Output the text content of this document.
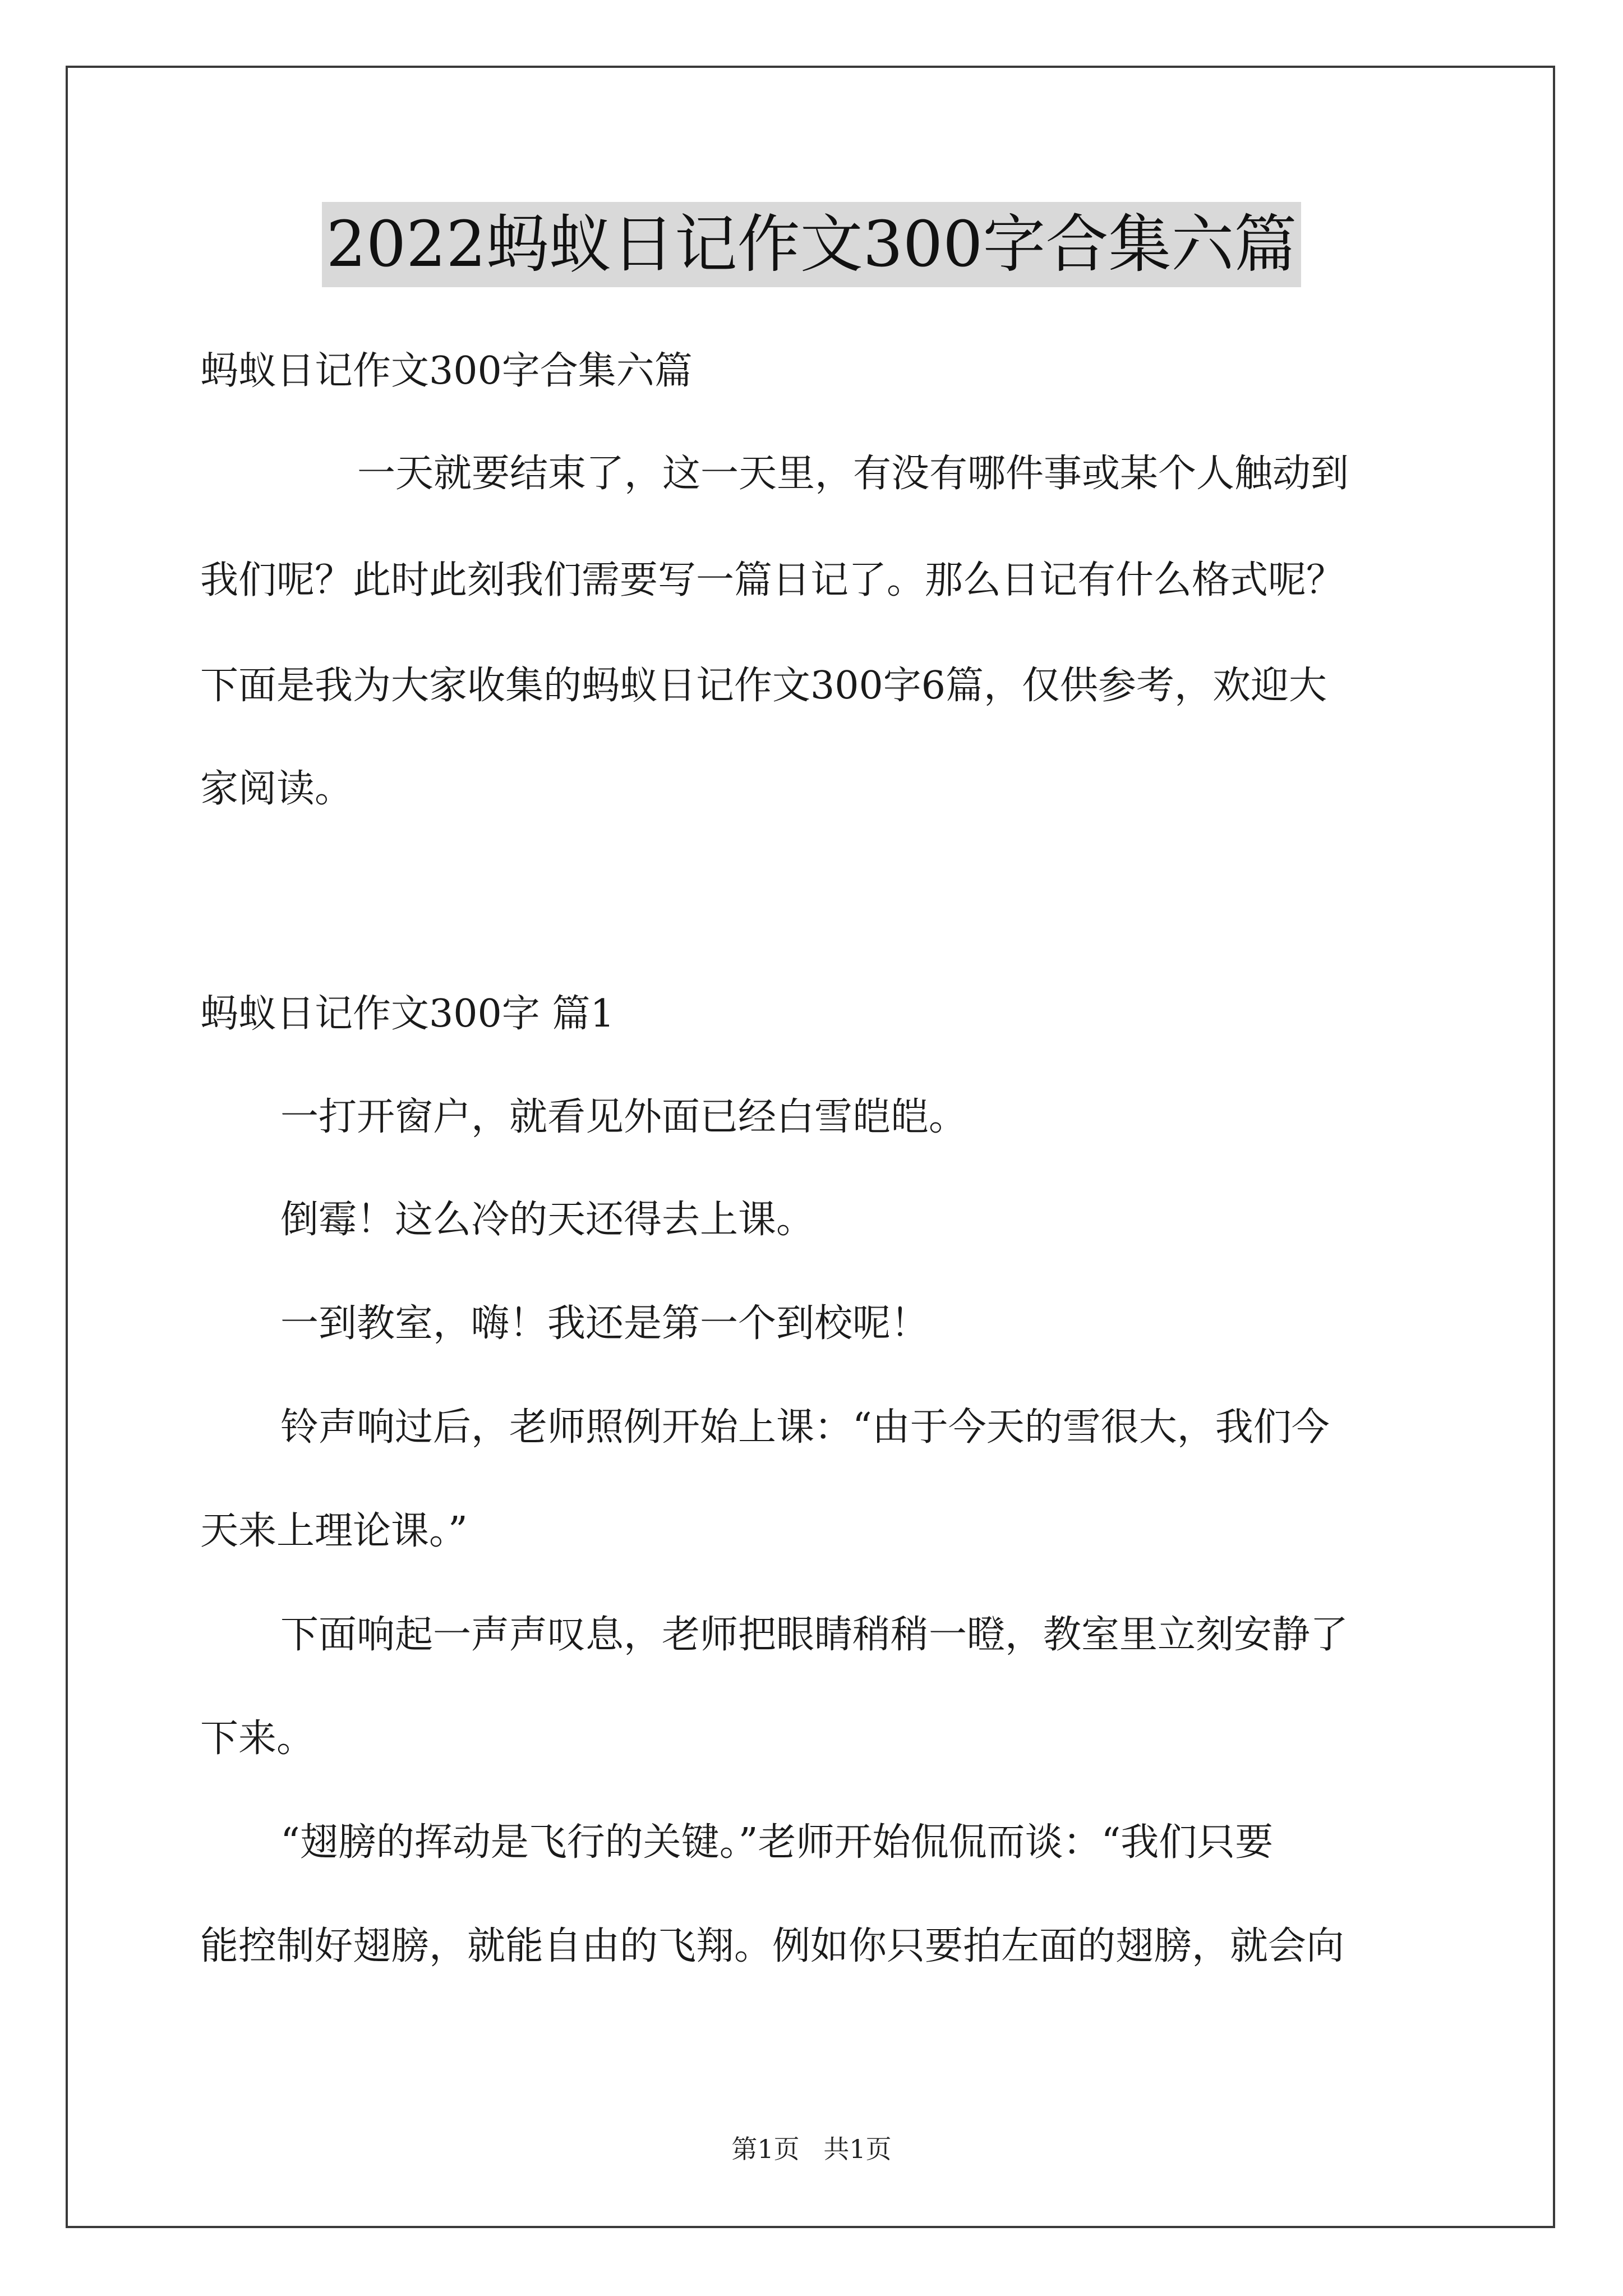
2022蚂蚁日记作文300字合集六篇
蚂蚁日记作文300字合集六篇
一天就要结束了，这一天里，有没有哪件事或某个人触动到
我们呢？此时此刻我们需要写一篇日记了。那么日记有什么格式呢？
下面是我为大家收集的蚂蚁日记作文300字6篇，仅供参考，欢迎大
家阅读。
蚂蚁日记作文300字 篇1
一打开窗户，就看见外面已经白雪皑皑。
倒霉！这么冷的天还得去上课。
一到教室，嗨！我还是第一个到校呢！
铃声响过后，老师照例开始上课：“由于今天的雪很大，我们今
天来上理论课。”
下面响起一声声叹息，老师把眼睛稍稍一瞪，教室里立刻安静了
下来。
“翅膀的挥动是飞行的关键。”老师开始侃侃而谈：“我们只要
能控制好翅膀，就能自由的飞翔。例如你只要拍左面的翅膀，就会向
第1页 共1页
